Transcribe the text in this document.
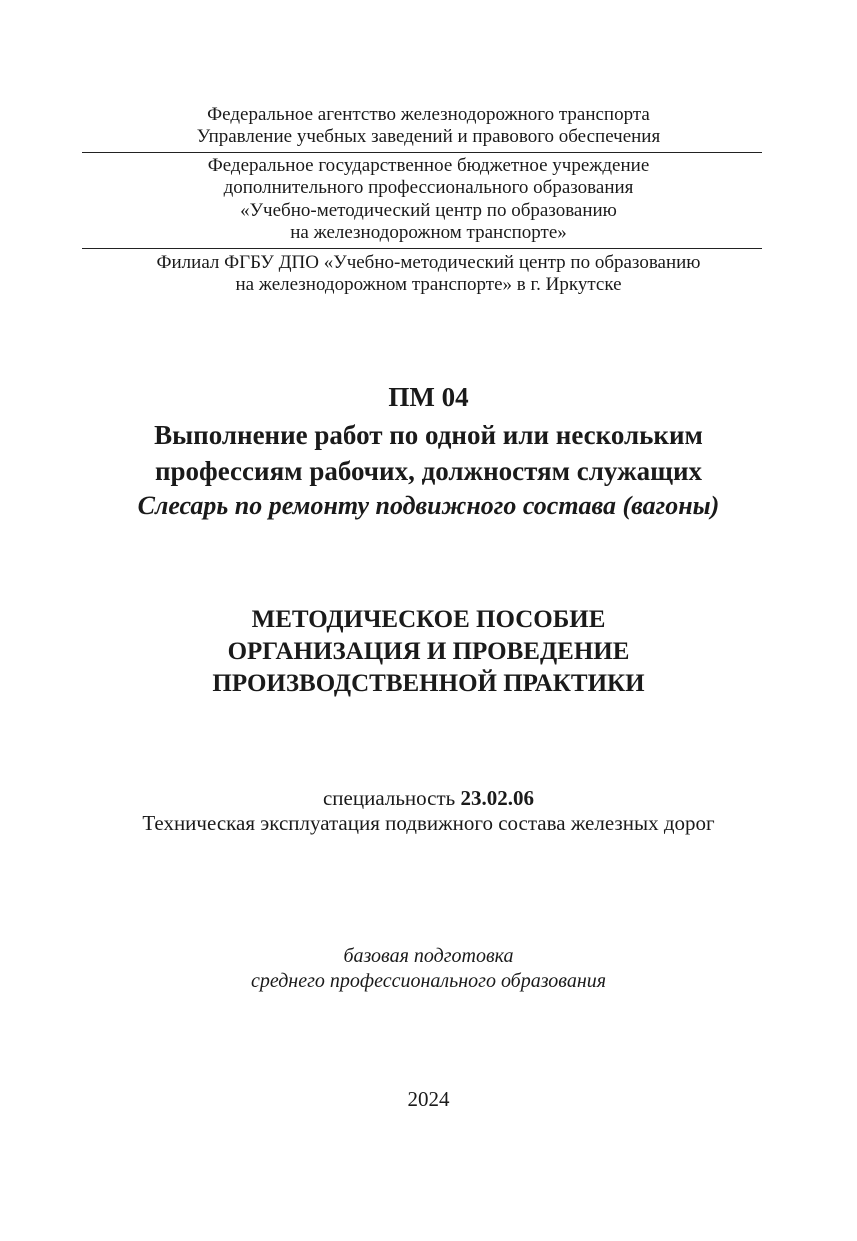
Федеральное агентство железнодорожного транспорта
Управление учебных заведений и правового обеспечения
Федеральное государственное бюджетное учреждение
дополнительного профессионального образования
«Учебно-методический центр по образованию
на железнодорожном транспорте»
Филиал ФГБУ ДПО «Учебно-методический центр по образованию
на железнодорожном транспорте» в г. Иркутске
ПМ 04
Выполнение работ по одной или нескольким
профессиям рабочих, должностям служащих
Слесарь по ремонту подвижного состава (вагоны)
МЕТОДИЧЕСКОЕ ПОСОБИЕ
ОРГАНИЗАЦИЯ И ПРОВЕДЕНИЕ
ПРОИЗВОДСТВЕННОЙ ПРАКТИКИ
специальность 23.02.06
Техническая эксплуатация подвижного состава железных дорог
базовая подготовка
среднего профессионального образования
2024
